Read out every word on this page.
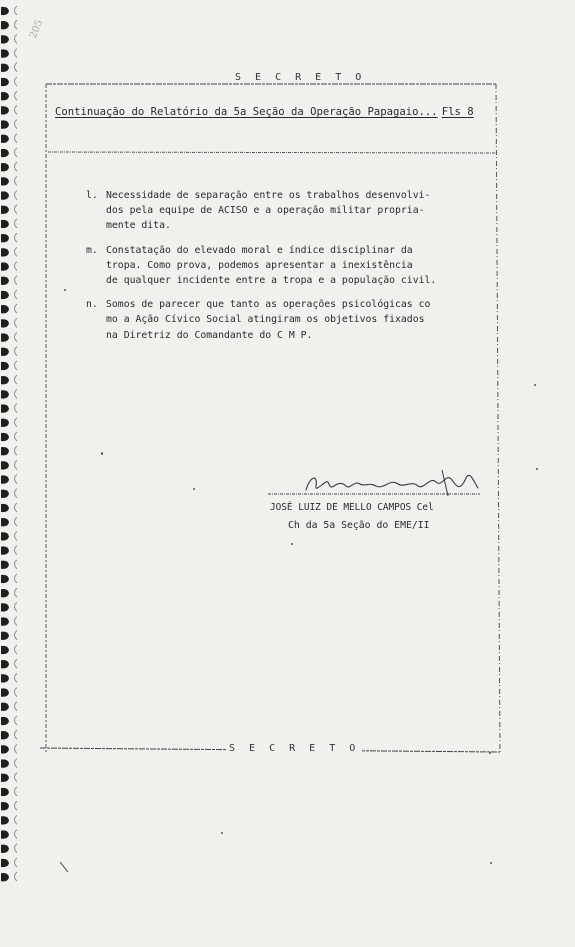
205
S E C R E T O
S E C R E T O
Continuação do Relatório da 5a Seção da Operação Papagaio... Fls 8
l. Necessidade de separação entre os trabalhos desenvolvi-
dos pela equipe de ACISO e a operação militar propria-
mente dita.
m. Constatação do elevado moral e índice disciplinar da
tropa. Como prova, podemos apresentar a inexistência
de qualquer incidente entre a tropa e a população civil.
n. Somos de parecer que tanto as operações psicológicas co
mo a Ação Cívico Social atingiram os objetivos fixados
na Diretriz do Comandante do C M P.
JOSÉ LUIZ DE MELLO CAMPOS Cel
Ch da 5a Seção do EME/II
